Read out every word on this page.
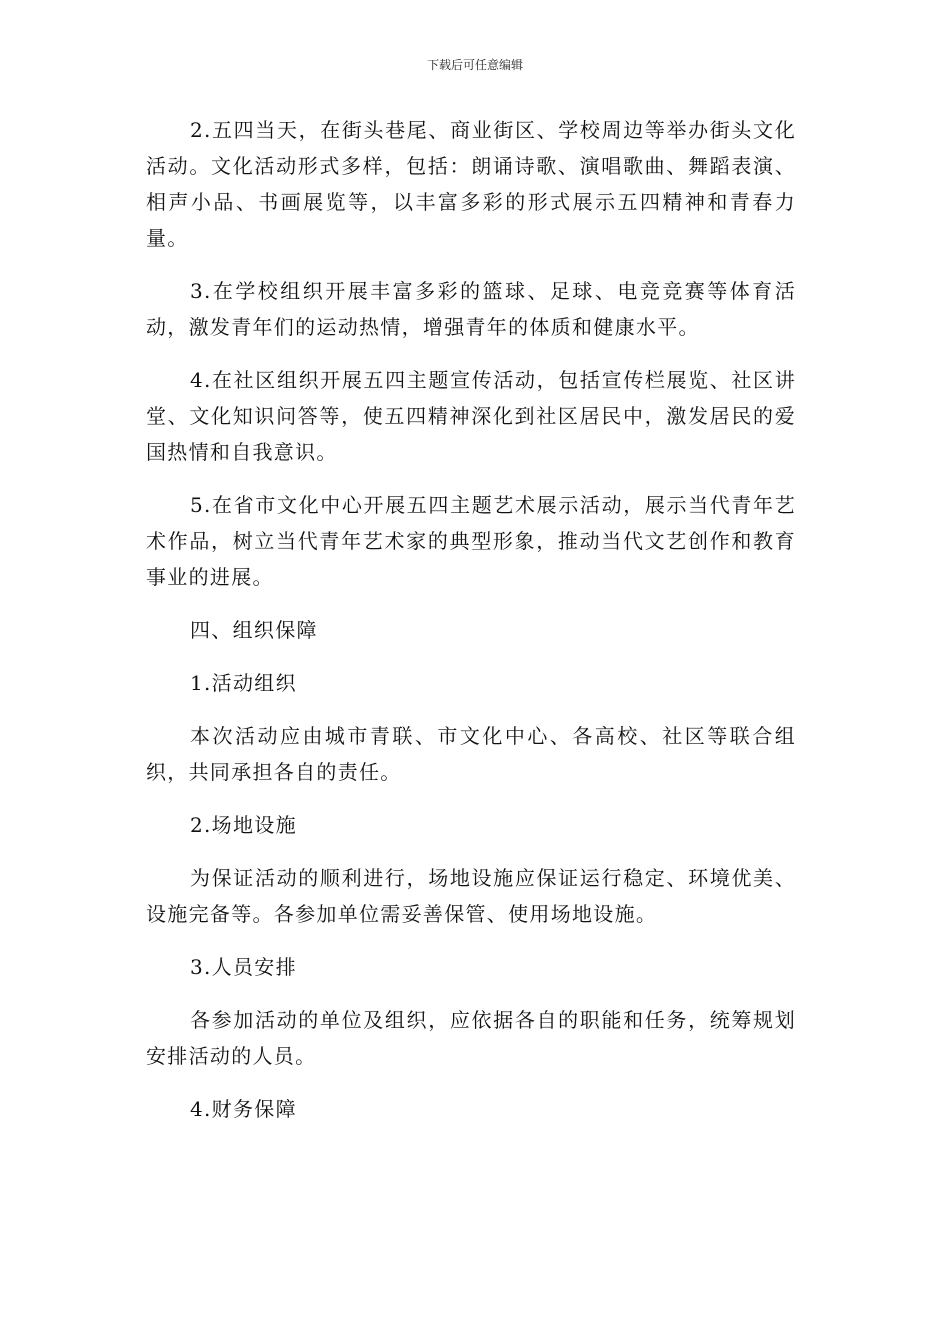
下载后可任意编辑

2.五四当天，在街头巷尾、商业街区、学校周边等举办街头文化活动。文化活动形式多样，包括：朗诵诗歌、演唱歌曲、舞蹈表演、相声小品、书画展览等，以丰富多彩的形式展示五四精神和青春力量。

3.在学校组织开展丰富多彩的篮球、足球、电竞竞赛等体育活动，激发青年们的运动热情，增强青年的体质和健康水平。

4.在社区组织开展五四主题宣传活动，包括宣传栏展览、社区讲堂、文化知识问答等，使五四精神深化到社区居民中，激发居民的爱国热情和自我意识。

5.在省市文化中心开展五四主题艺术展示活动，展示当代青年艺术作品，树立当代青年艺术家的典型形象，推动当代文艺创作和教育事业的进展。

四、组织保障

1.活动组织

本次活动应由城市青联、市文化中心、各高校、社区等联合组织，共同承担各自的责任。

2.场地设施

为保证活动的顺利进行，场地设施应保证运行稳定、环境优美、设施完备等。各参加单位需妥善保管、使用场地设施。

3.人员安排

各参加活动的单位及组织，应依据各自的职能和任务，统筹规划安排活动的人员。

4.财务保障
